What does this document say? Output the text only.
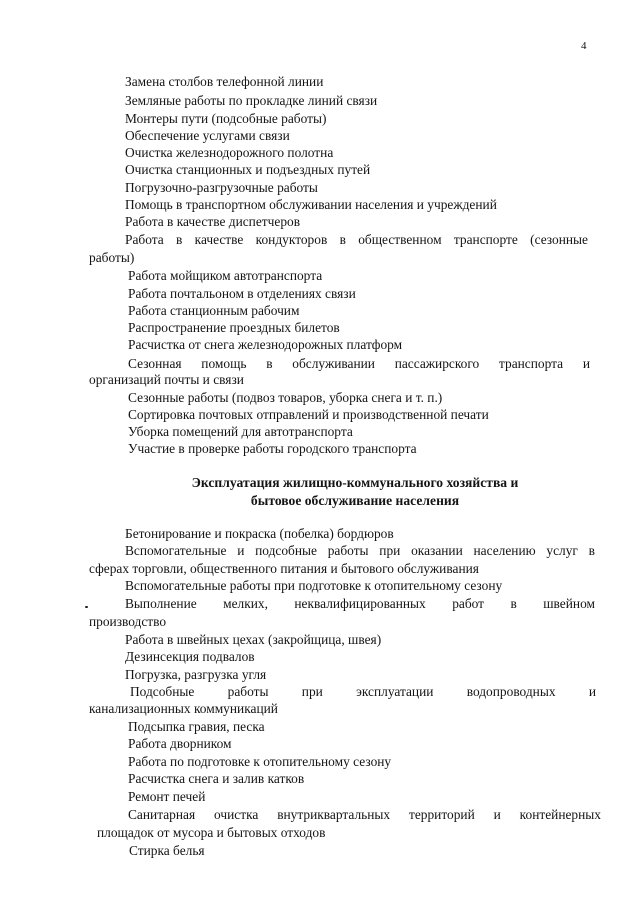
4
Замена столбов телефонной линии
Земляные работы по прокладке линий связи
Монтеры пути (подсобные работы)
Обеспечение услугами связи
Очистка железнодорожного полотна
Очистка станционных и подъездных путей
Погрузочно-разгрузочные работы
Помощь в транспортном обслуживании населения и учреждений
Работа в качестве диспетчеров
Работа в качестве кондукторов в общественном транспорте (сезонные
работы)
Работа мойщиком автотранспорта
Работа почтальоном в отделениях связи
Работа станционным рабочим
Распространение проездных билетов
Расчистка от снега железнодорожных платформ
Сезонная помощь в обслуживании пассажирского транспорта и
организаций почты и связи
Сезонные работы (подвоз товаров, уборка снега и т. п.)
Сортировка почтовых отправлений и производственной печати
Уборка помещений для автотранспорта
Участие в проверке работы городского транспорта
Эксплуатация жилищно-коммунального хозяйства и
бытовое обслуживание населения
Бетонирование и покраска (побелка) бордюров
Вспомогательные и подсобные работы при оказании населению услуг в
сферах торговли, общественного питания и бытового обслуживания
Вспомогательные работы при подготовке к отопительному сезону
Выполнение мелких, неквалифицированных работ в швейном
производство
Работа в швейных цехах (закройщица, швея)
Дезинсекция подвалов
Погрузка, разгрузка угля
Подсобные работы при эксплуатации водопроводных и
канализационных коммуникаций
Подсыпка гравия, песка
Работа дворником
Работа по подготовке к отопительному сезону
Расчистка снега и залив катков
Ремонт печей
Санитарная очистка внутриквартальных территорий и контейнерных
площадок от мусора и бытовых отходов
Стирка белья
